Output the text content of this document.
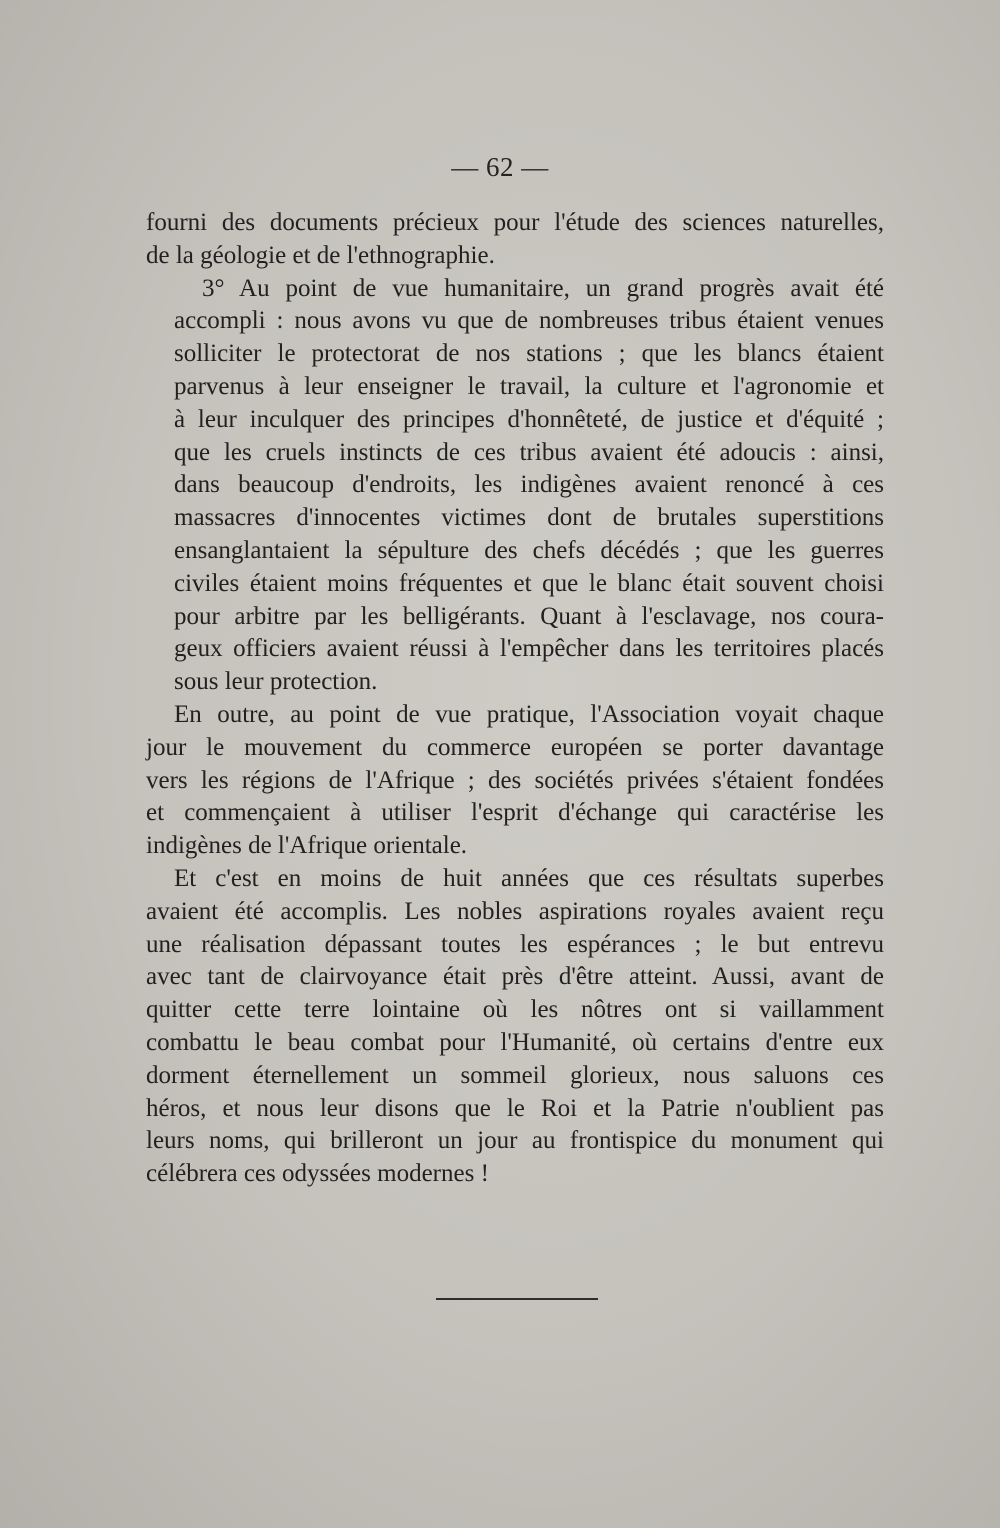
— 62 —

fourni des documents précieux pour l'étude des sciences naturelles,
de la géologie et de l'ethnographie.

3° Au point de vue humanitaire, un grand progrès avait été
accompli : nous avons vu que de nombreuses tribus étaient venues
solliciter le protectorat de nos stations ; que les blancs étaient
parvenus à leur enseigner le travail, la culture et l'agronomie et
à leur inculquer des principes d'honnêteté, de justice et d'équité ;
que les cruels instincts de ces tribus avaient été adoucis : ainsi,
dans beaucoup d'endroits, les indigènes avaient renoncé à ces
massacres d'innocentes victimes dont de brutales superstitions
ensanglantaient la sépulture des chefs décédés ; que les guerres
civiles étaient moins fréquentes et que le blanc était souvent choisi
pour arbitre par les belligérants. Quant à l'esclavage, nos coura-
geux officiers avaient réussi à l'empêcher dans les territoires placés
sous leur protection.

En outre, au point de vue pratique, l'Association voyait chaque
jour le mouvement du commerce européen se porter davantage
vers les régions de l'Afrique ; des sociétés privées s'étaient fondées
et commençaient à utiliser l'esprit d'échange qui caractérise les
indigènes de l'Afrique orientale.

Et c'est en moins de huit années que ces résultats superbes
avaient été accomplis. Les nobles aspirations royales avaient reçu
une réalisation dépassant toutes les espérances ; le but entrevu
avec tant de clairvoyance était près d'être atteint. Aussi, avant de
quitter cette terre lointaine où les nôtres ont si vaillamment
combattu le beau combat pour l'Humanité, où certains d'entre eux
dorment éternellement un sommeil glorieux, nous saluons ces
héros, et nous leur disons que le Roi et la Patrie n'oublient pas
leurs noms, qui brilleront un jour au frontispice du monument qui
célébrera ces odyssées modernes !
